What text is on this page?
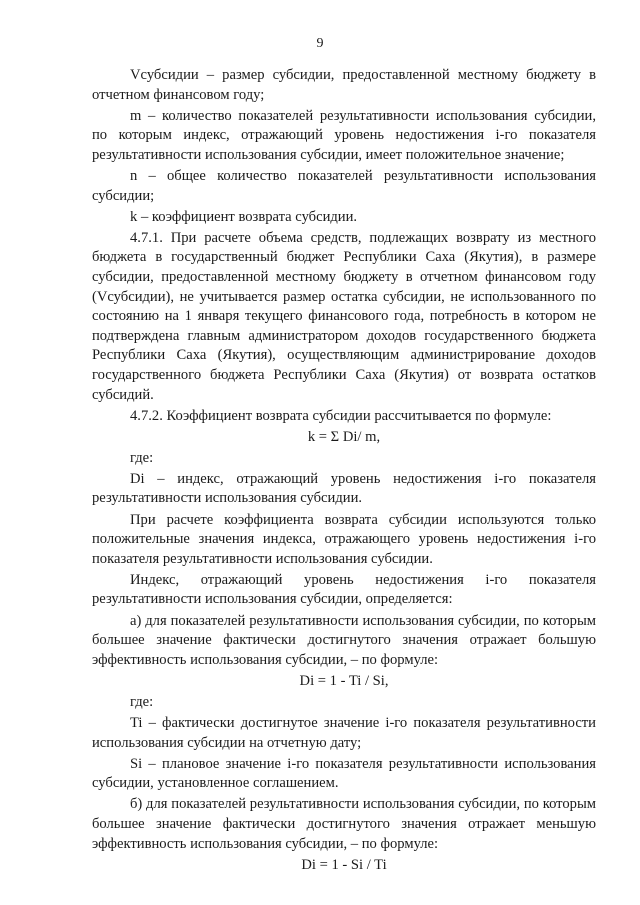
9

Vсубсидии – размер субсидии, предоставленной местному бюджету в отчетном финансовом году;

m – количество показателей результативности использования субсидии, по которым индекс, отражающий уровень недостижения i-го показателя результативности использования субсидии, имеет положительное значение;

n – общее количество показателей результативности использования субсидии;

k – коэффициент возврата субсидии.

4.7.1. При расчете объема средств, подлежащих возврату из местного бюджета в государственный бюджет Республики Саха (Якутия), в размере субсидии, предоставленной местному бюджету в отчетном финансовом году (Vсубсидии), не учитывается размер остатка субсидии, не использованного по состоянию на 1 января текущего финансового года, потребность в котором не подтверждена главным администратором доходов государственного бюджета Республики Саха (Якутия), осуществляющим администрирование доходов государственного бюджета Республики Саха (Якутия) от возврата остатков субсидий.

4.7.2. Коэффициент возврата субсидии рассчитывается по формуле:

k = Σ Di/ m,

где:

Di – индекс, отражающий уровень недостижения i-го показателя результативности использования субсидии.

При расчете коэффициента возврата субсидии используются только положительные значения индекса, отражающего уровень недостижения i-го показателя результативности использования субсидии.

Индекс, отражающий уровень недостижения i-го показателя результативности использования субсидии, определяется:

а) для показателей результативности использования субсидии, по которым большее значение фактически достигнутого значения отражает большую эффективность использования субсидии, – по формуле:

Di = 1 - Ti / Si,

где:

Ti – фактически достигнутое значение i-го показателя результативности использования субсидии на отчетную дату;

Si – плановое значение i-го показателя результативности использования субсидии, установленное соглашением.

б) для показателей результативности использования субсидии, по которым большее значение фактически достигнутого значения отражает меньшую эффективность использования субсидии, – по формуле:

Di = 1 - Si / Ti
